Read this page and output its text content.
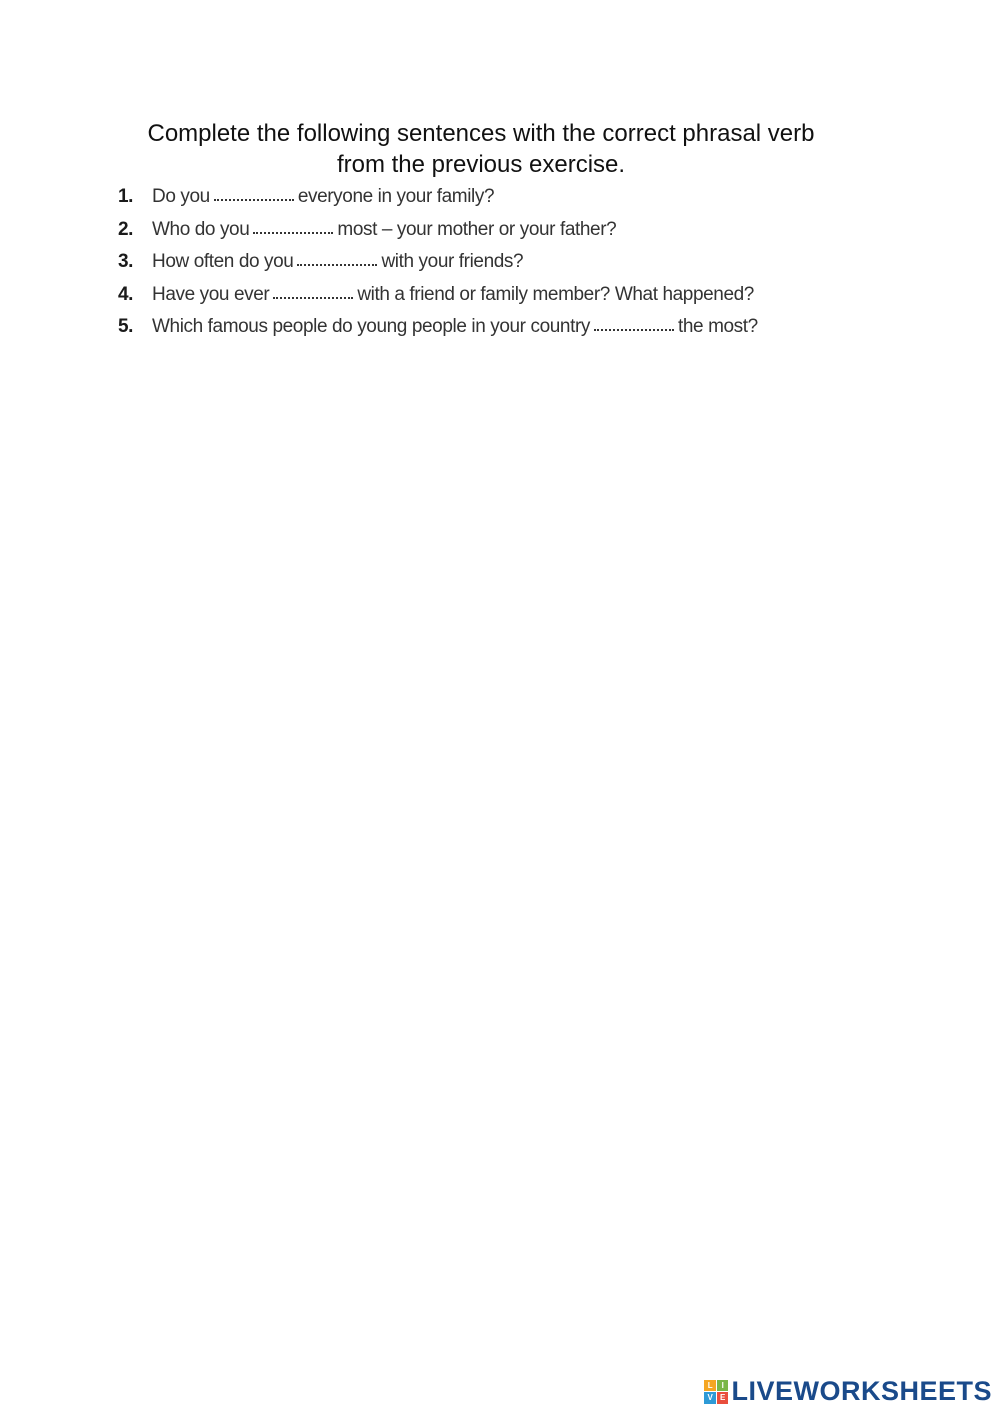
Complete the following sentences with the correct phrasal verb
from the previous exercise.
1. Do you	everyone in your family?
2. Who do you	most – your mother or your father?
3. How often do you	with your friends?
4. Have you ever	with a friend or family member? What happened?
5. Which famous people do young people in your country	the most?
L	I
V E LIVEWORKSHEETS
